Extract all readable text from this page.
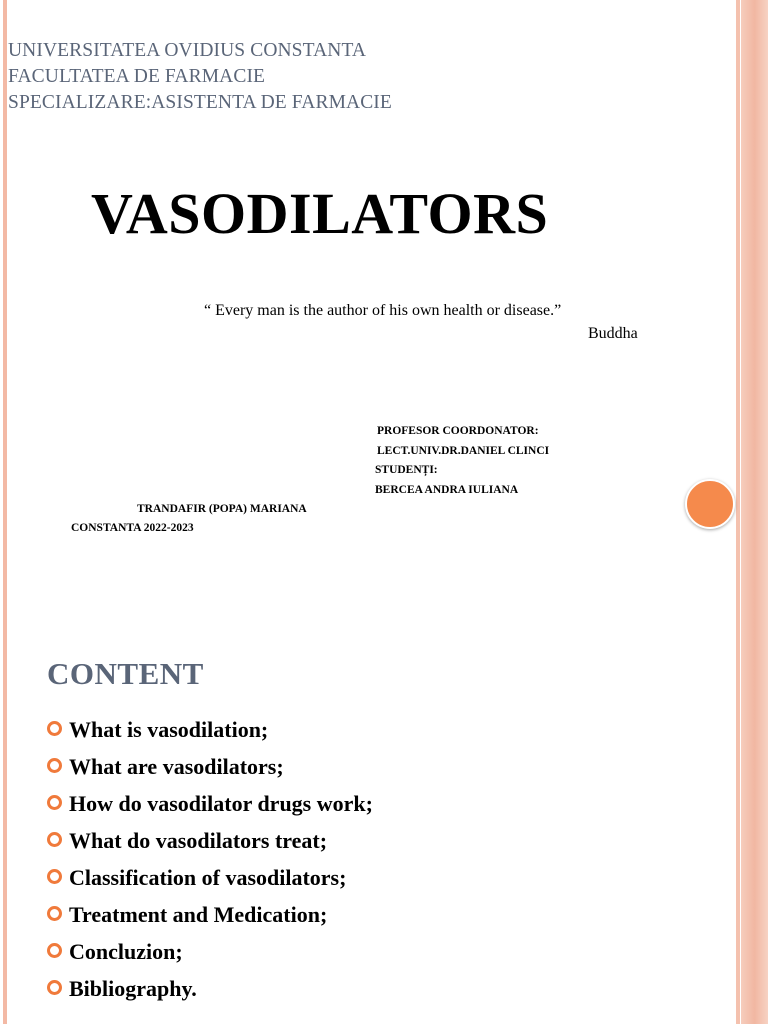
UNIVERSITATEA OVIDIUS CONSTANTA
FACULTATEA DE FARMACIE
SPECIALIZARE:ASISTENTA DE FARMACIE
VASODILATORS
“ Every man is the author of his own health or disease.”
Buddha
PROFESOR COORDONATOR:
LECT.UNIV.DR.DANIEL CLINCI
STUDENȚI:
BERCEA ANDRA IULIANA
TRANDAFIR (POPA) MARIANA
CONSTANTA 2022-2023
CONTENT
What is vasodilation;
What are vasodilators;
How do vasodilator drugs work;
What do vasodilators treat;
Classification of vasodilators;
Treatment and Medication;
Concluzion;
Bibliography.
